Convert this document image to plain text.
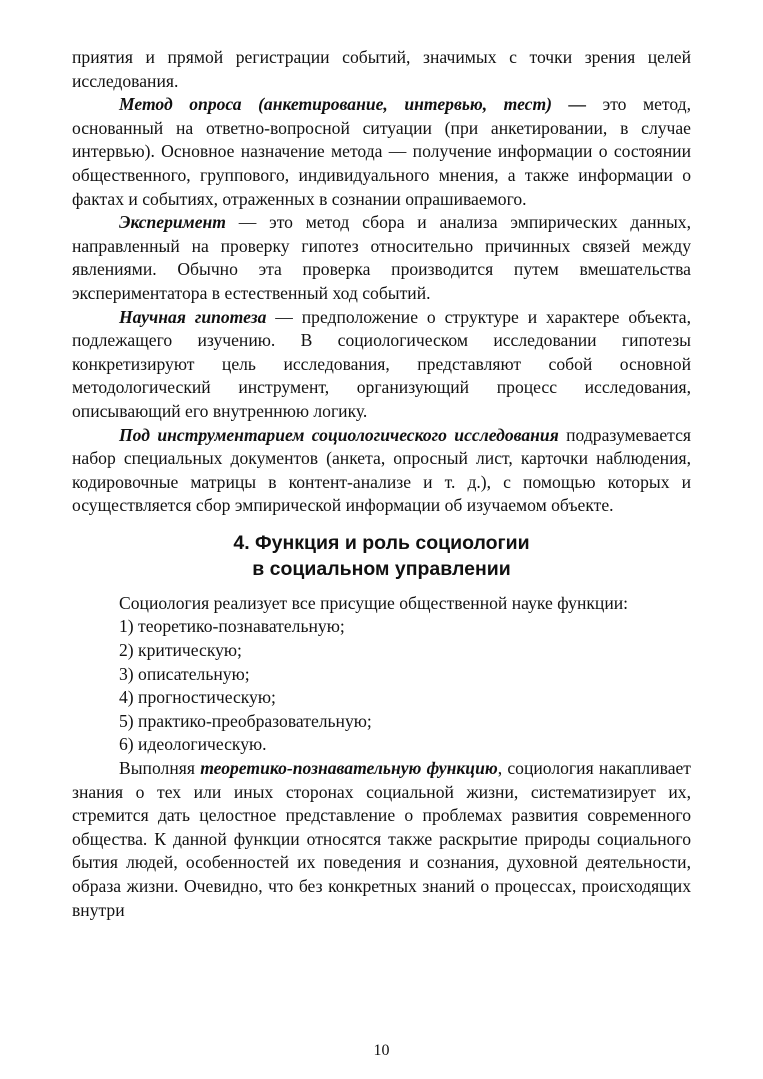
приятия и прямой регистрации событий, значимых с точки зрения целей исследования.

Метод опроса (анкетирование, интервью, тест) — это метод, основанный на ответно-вопросной ситуации (при анкетировании, в случае интервью). Основное назначение метода — получение информации о состоянии общественного, группового, индивидуального мнения, а также информации о фактах и событиях, отраженных в сознании опрашиваемого.

Эксперимент — это метод сбора и анализа эмпирических данных, направленный на проверку гипотез относительно причинных связей между явлениями. Обычно эта проверка производится путем вмешательства экспериментатора в естественный ход событий.

Научная гипотеза — предположение о структуре и характере объекта, подлежащего изучению. В социологическом исследовании гипотезы конкретизируют цель исследования, представляют собой основной методологический инструмент, организующий процесс исследования, описывающий его внутреннюю логику.

Под инструментарием социологического исследования подразумевается набор специальных документов (анкета, опросный лист, карточки наблюдения, кодировочные матрицы в контент-анализе и т. д.), с помощью которых и осуществляется сбор эмпирической информации об изучаемом объекте.

4. Функция и роль социологии
в социальном управлении

Социология реализует все присущие общественной науке функции:

1) теоретико-познавательную;
2) критическую;
3) описательную;
4) прогностическую;
5) практико-преобразовательную;
6) идеологическую.

Выполняя теоретико-познавательную функцию, социология накапливает знания о тех или иных сторонах социальной жизни, систематизирует их, стремится дать целостное представление о проблемах развития современного общества. К данной функции относятся также раскрытие природы социального бытия людей, особенностей их поведения и сознания, духовной деятельности, образа жизни. Очевидно, что без конкретных знаний о процессах, происходящих внутри

10
